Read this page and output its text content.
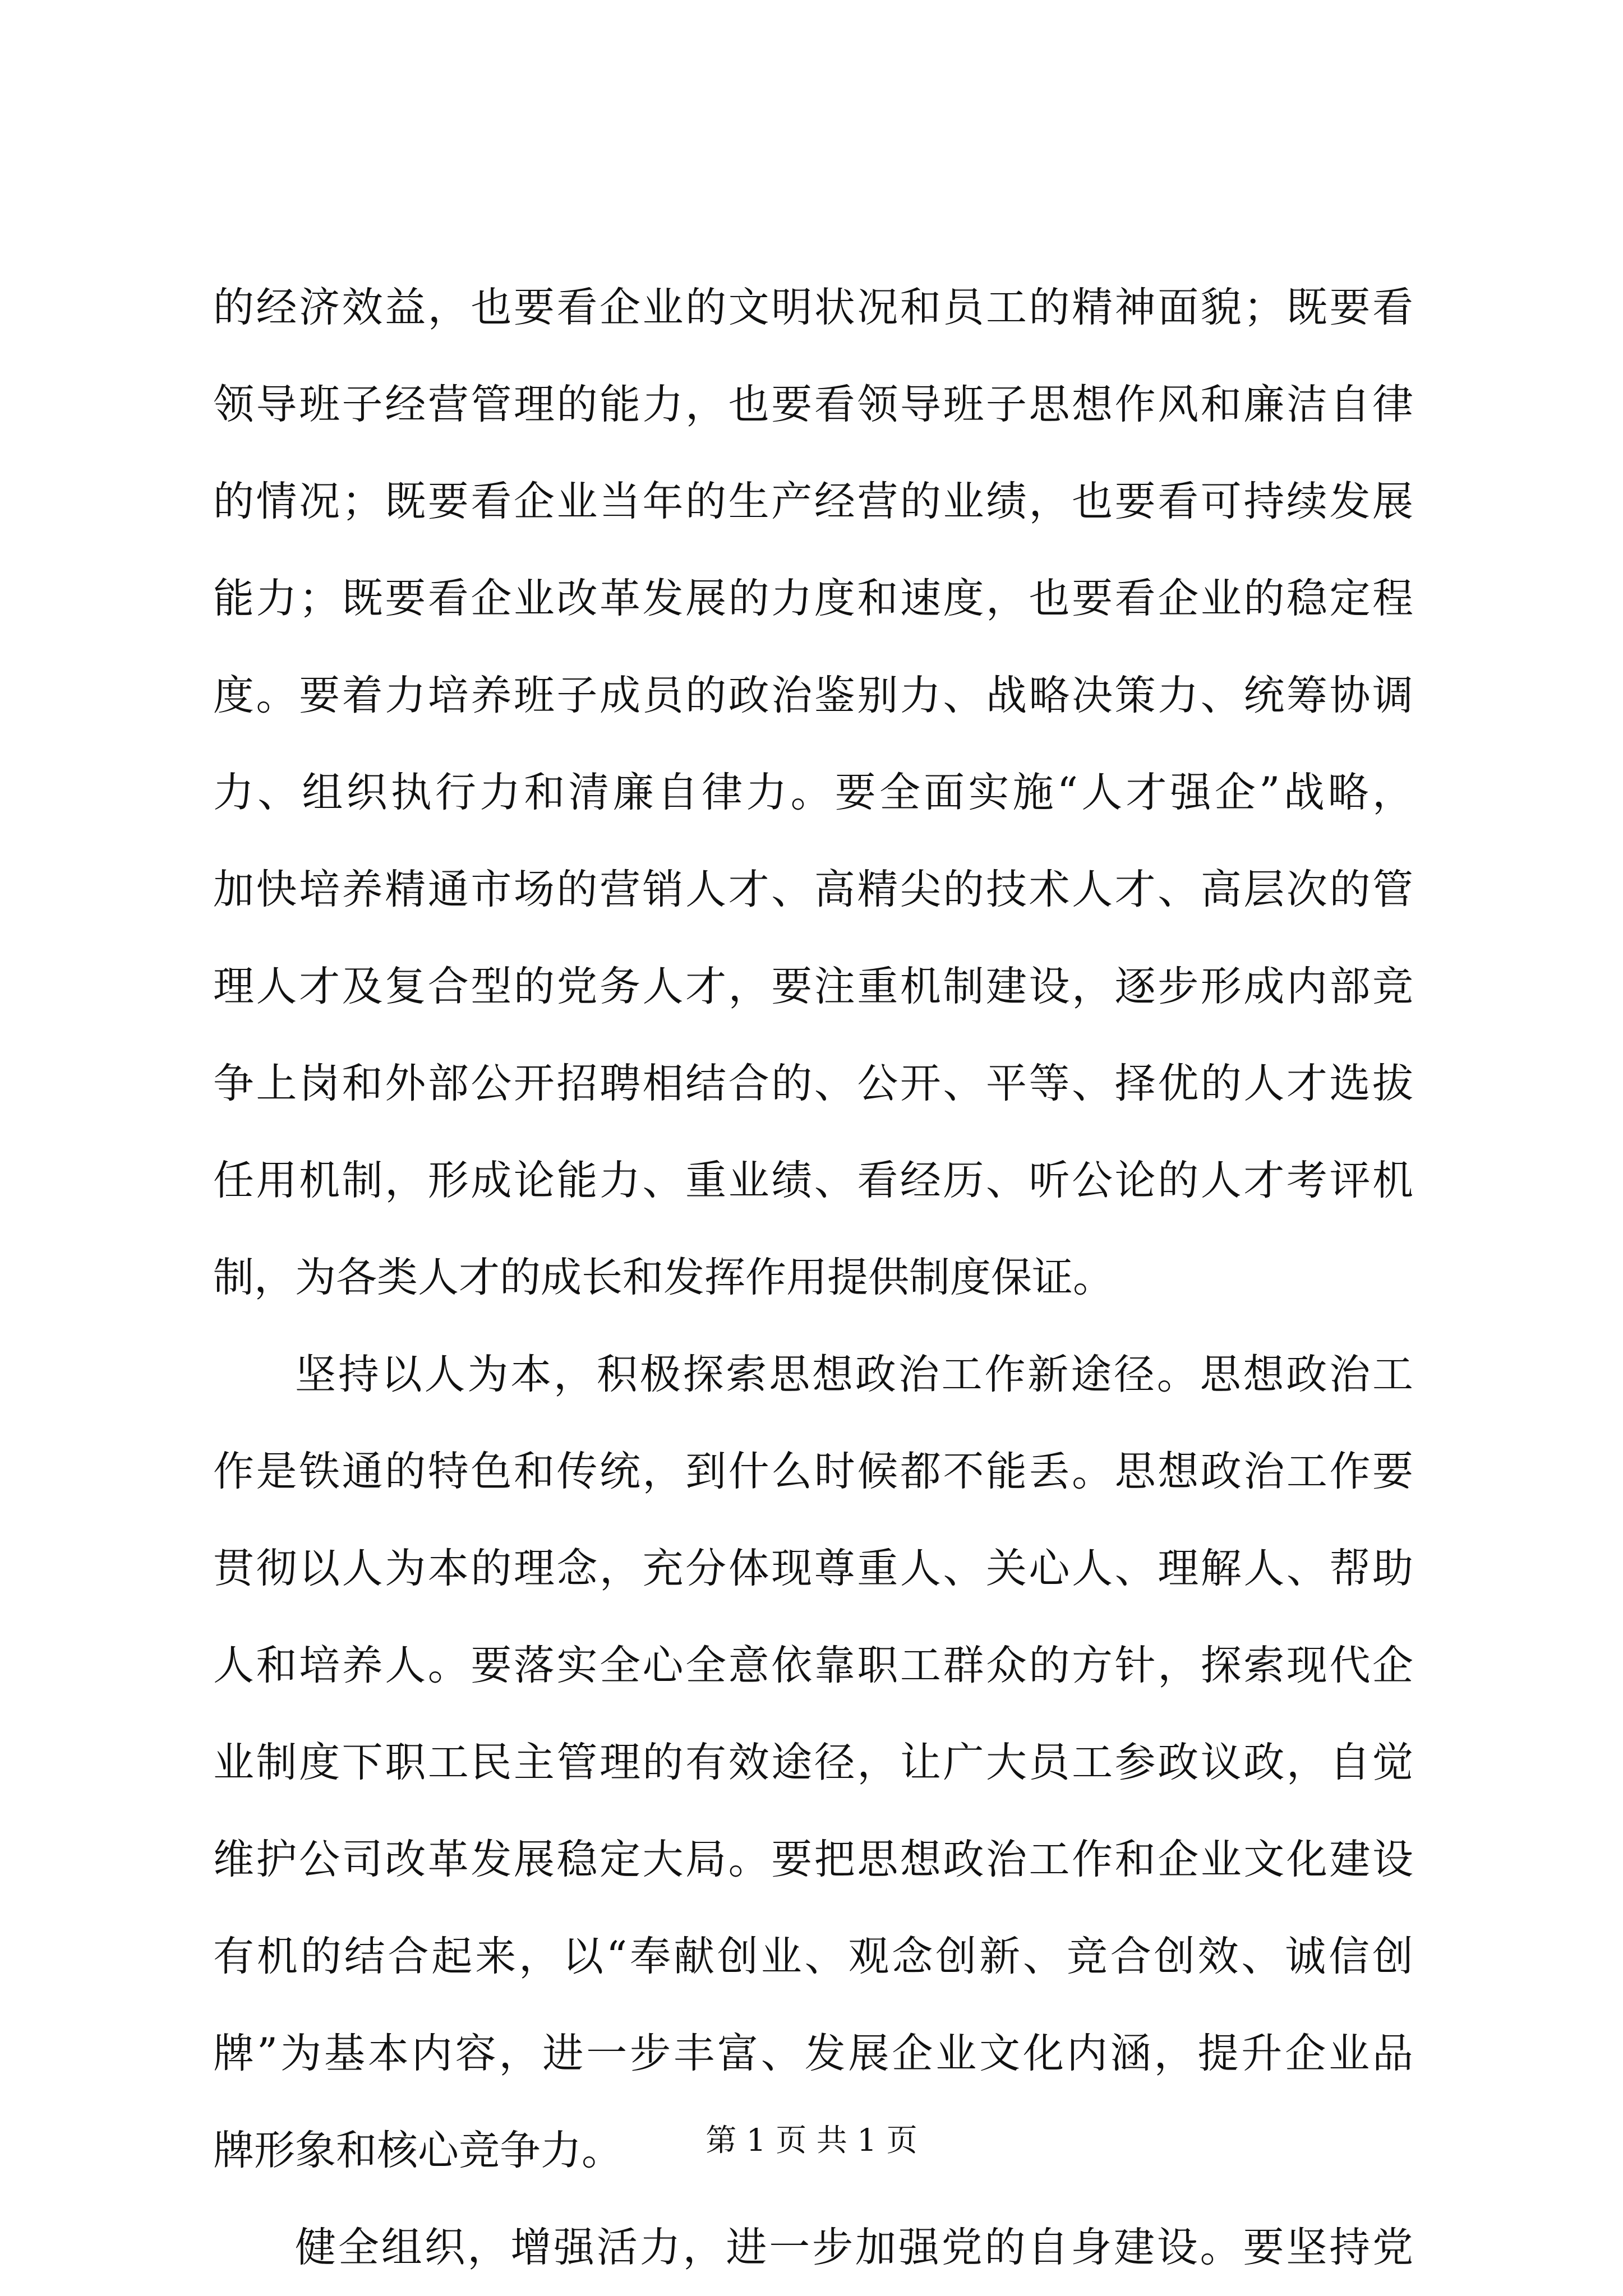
的经济效益，也要看企业的文明状况和员工的精神面貌；既要看
领导班子经营管理的能力，也要看领导班子思想作风和廉洁自律
的情况；既要看企业当年的生产经营的业绩，也要看可持续发展
能力；既要看企业改革发展的力度和速度，也要看企业的稳定程
度。要着力培养班子成员的政治鉴别力、战略决策力、统筹协调
力、组织执行力和清廉自律力。要全面实施“人才强企”战略，
加快培养精通市场的营销人才、高精尖的技术人才、高层次的管
理人才及复合型的党务人才，要注重机制建设，逐步形成内部竞
争上岗和外部公开招聘相结合的、公开、平等、择优的人才选拔
任用机制，形成论能力、重业绩、看经历、听公论的人才考评机
制，为各类人才的成长和发挥作用提供制度保证。
坚持以人为本，积极探索思想政治工作新途径。思想政治工
作是铁通的特色和传统，到什么时候都不能丢。思想政治工作要
贯彻以人为本的理念，充分体现尊重人、关心人、理解人、帮助
人和培养人。要落实全心全意依靠职工群众的方针，探索现代企
业制度下职工民主管理的有效途径，让广大员工参政议政，自觉
维护公司改革发展稳定大局。要把思想政治工作和企业文化建设
有机的结合起来，以“奉献创业、观念创新、竞合创效、诚信创
牌”为基本内容，进一步丰富、发展企业文化内涵，提升企业品
牌形象和核心竞争力。
健全组织，增强活力，进一步加强党的自身建设。要坚持党
第 1 页 共 1 页
